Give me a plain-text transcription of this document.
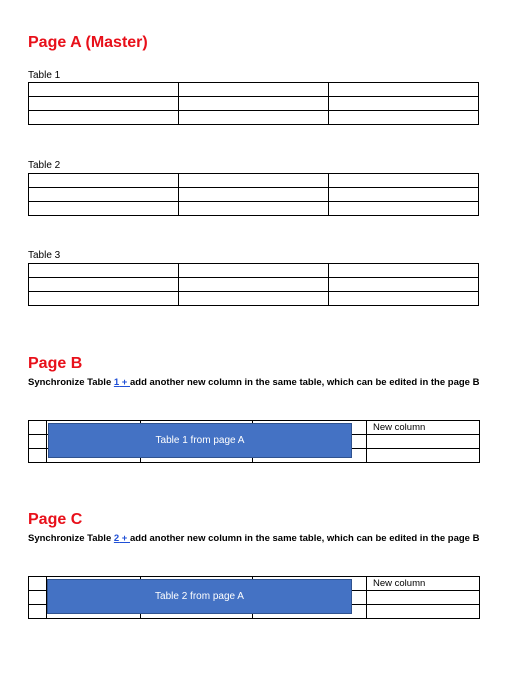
Page A (Master)
Table 1

Table 2

Table 3

Page B
Synchronize Table 1 + add another new column in the same table, which can be edited in the page B
				New column

Table 1 from page A
Page C
Synchronize Table 2 + add another new column in the same table, which can be edited in the page B
				New column

Table 2 from page A
